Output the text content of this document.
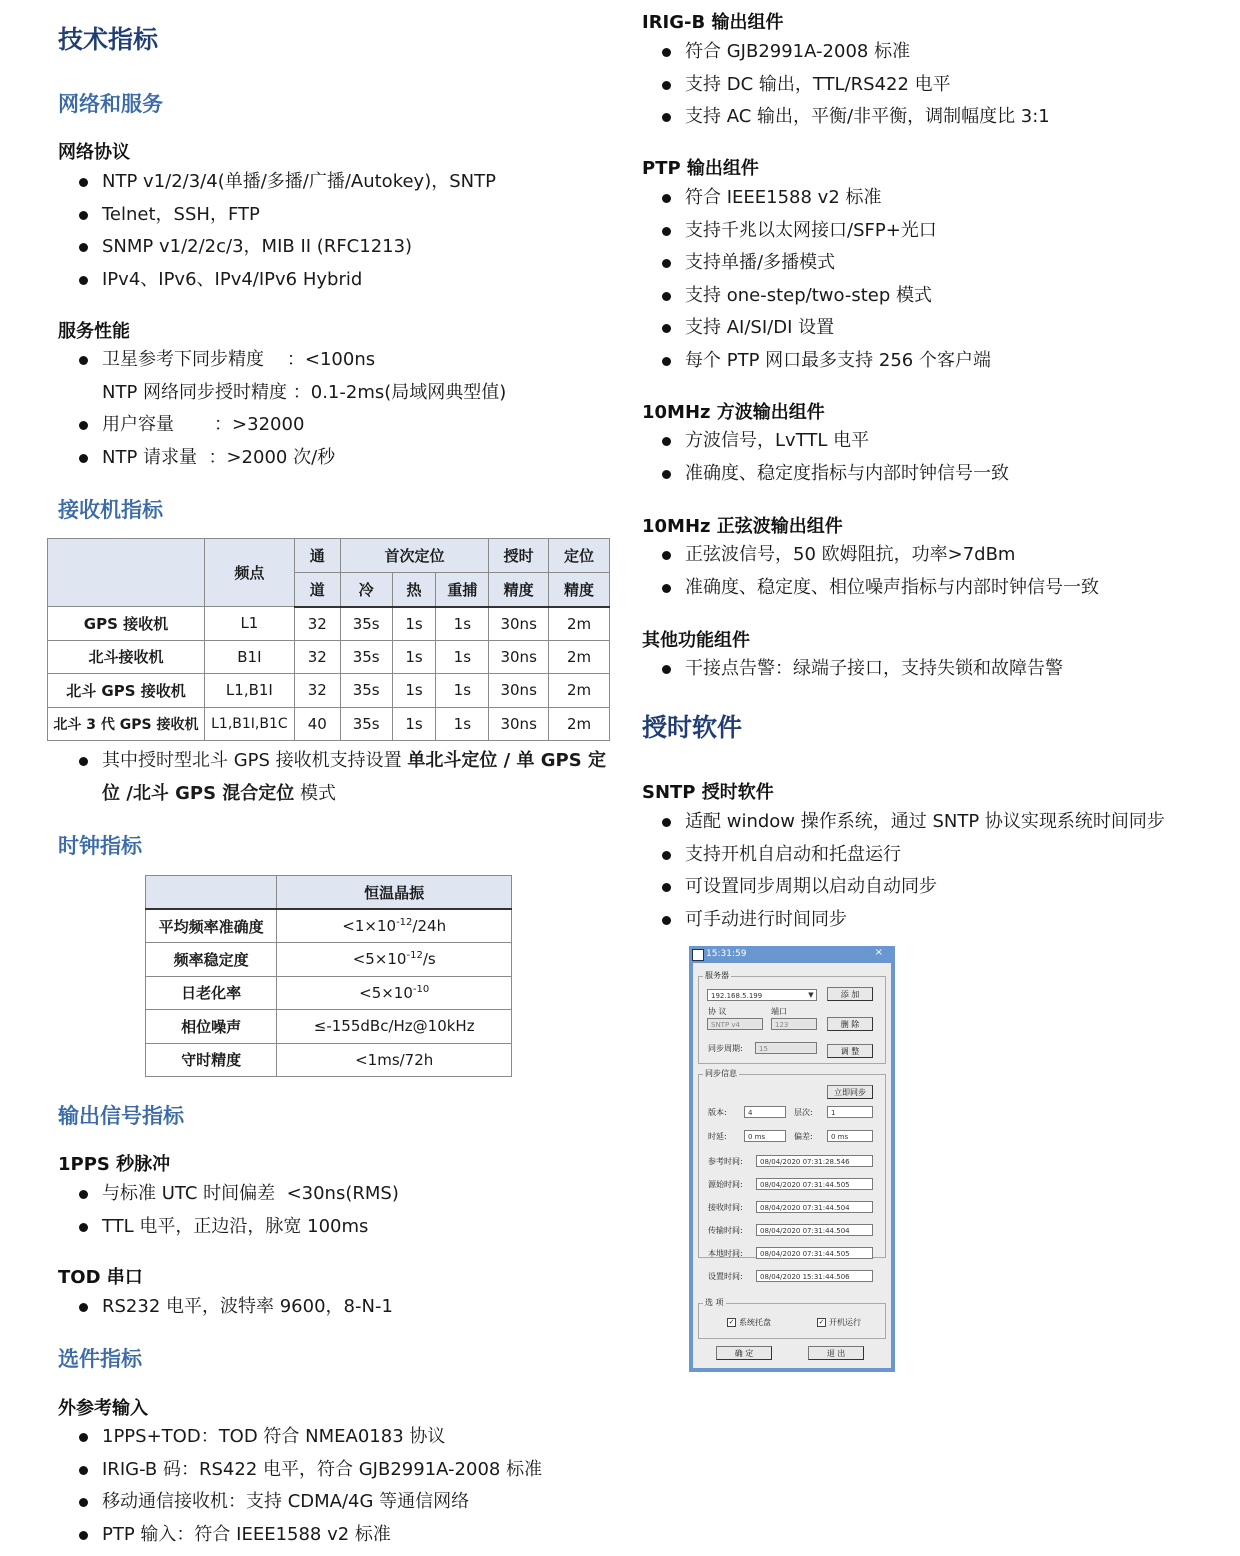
技术指标
网络和服务
网络协议
NTP v1/2/3/4(单播/多播/广播/Autokey)，SNTP
Telnet，SSH，FTP
SNMP v1/2/2c/3，MIB II (RFC1213)
IPv4、IPv6、IPv4/IPv6 Hybrid
服务性能
卫星参考下同步精度    ：<100ns
NTP 网络同步授时精度 ：0.1-2ms(局域网典型值)
用户容量       ：>32000
NTP 请求量  ：>2000 次/秒
接收机指标
	频点	通	首次定位			授时	定位
		道	冷	热	重捕	精度	精度
GPS 接收机	L1	32	35s	1s	1s	30ns	2m
北斗接收机	B1I	32	35s	1s	1s	30ns	2m
北斗 GPS 接收机	L1,B1I	32	35s	1s	1s	30ns	2m
北斗 3 代 GPS 接收机	L1,B1I,B1C	40	35s	1s	1s	30ns	2m
其中授时型北斗 GPS 接收机支持设置 单北斗定位 / 单 GPS 定位 /北斗 GPS 混合定位 模式
时钟指标
	恒温晶振
平均频率准确度	$<1\times 10^{-12}/24h$
频率稳定度	$<5\times 10^{-12}/s$
日老化率	$<5\times 10^{-10}$
相位噪声	≤-155dBc/Hz@10kHz
守时精度	<1ms/72h
输出信号指标
1PPS 秒脉冲
与标准 UTC 时间偏差  <30ns(RMS)
TTL 电平，正边沿，脉宽 100ms
TOD 串口
RS232 电平，波特率 9600，8-N-1
选件指标
外参考输入
1PPS+TOD：TOD 符合 NMEA0183 协议
IRIG-B 码：RS422 电平，符合 GJB2991A-2008 标准
移动通信接收机：支持 CDMA/4G 等通信网络
PTP 输入：符合 IEEE1588 v2 标准
IRIG-B 输出组件
符合 GJB2991A-2008 标准
支持 DC 输出，TTL/RS422 电平
支持 AC 输出，平衡/非平衡，调制幅度比 3:1
PTP 输出组件
符合 IEEE1588 v2 标准
支持千兆以太网接口/SFP+光口
支持单播/多播模式
支持 one-step/two-step 模式
支持 AI/SI/DI 设置
每个 PTP 网口最多支持 256 个客户端
10MHz 方波输出组件
方波信号，LvTTL 电平
准确度、稳定度指标与内部时钟信号一致
10MHz 正弦波输出组件
正弦波信号，50 欧姆阻抗，功率>7dBm
准确度、稳定度、相位噪声指标与内部时钟信号一致
其他功能组件
干接点告警：绿端子接口，支持失锁和故障告警
授时软件
SNTP 授时软件
适配 window 操作系统，通过 SNTP 协议实现系统时间同步
支持开机自启动和托盘运行
可设置同步周期以启动自动同步
可手动进行时间同步
15:31:59	×
服务器
192.168.5.199	▼	添 加
协 议	端口
SNTP v4	123	删 除
同步周期:	15	调 整
同步信息
立即同步
版本:	4	层次:	1
时延:	0 ms	偏差:	0 ms
参考时间:	08/04/2020 07:31:28.546
源始时间:	08/04/2020 07:31:44.505
接收时间:	08/04/2020 07:31:44.504
传输时间:	08/04/2020 07:31:44.504
本地时间:	08/04/2020 07:31:44.505
设置时间:	08/04/2020 15:31:44.506
选 项
✓ 系统托盘	✓ 开机运行
确 定	退 出
